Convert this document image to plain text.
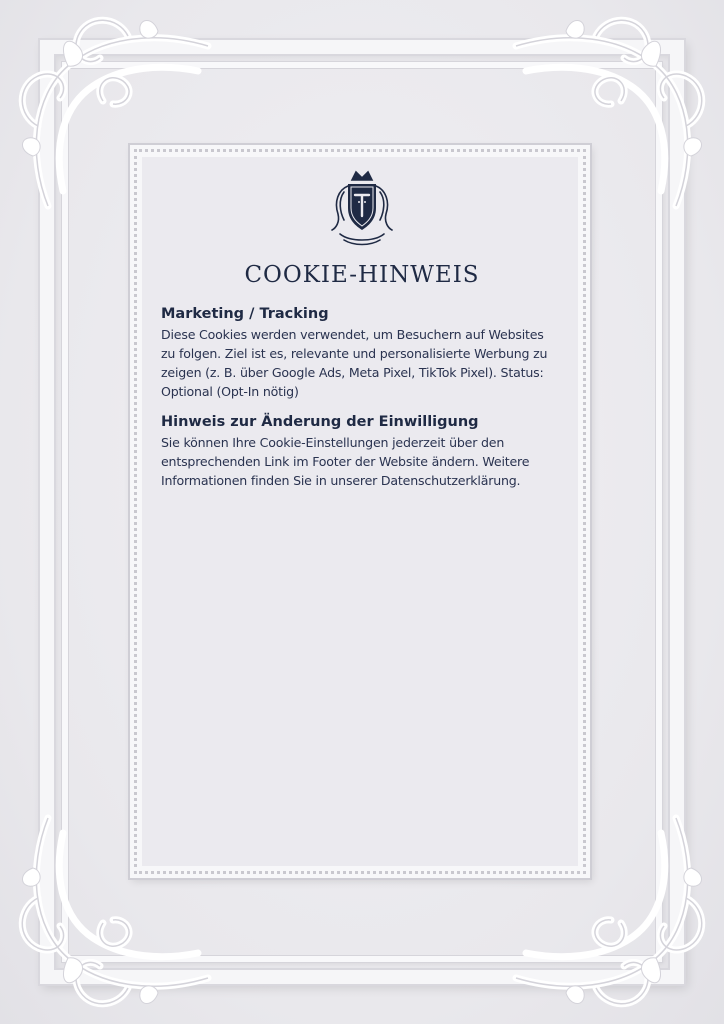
COOKIE-HINWEIS
Marketing / Tracking

Diese Cookies werden verwendet, um Besuchern auf Websites zu folgen. Ziel ist es, relevante und personalisierte Werbung zu zeigen (z. B. über Google Ads, Meta Pixel, TikTok Pixel). Status: Optional (Opt-In nötig)

Hinweis zur Änderung der Einwilligung

Sie können Ihre Cookie-Einstellungen jederzeit über den entsprechenden Link im Footer der Website ändern. Weitere Informationen finden Sie in unserer Datenschutzerklärung.
